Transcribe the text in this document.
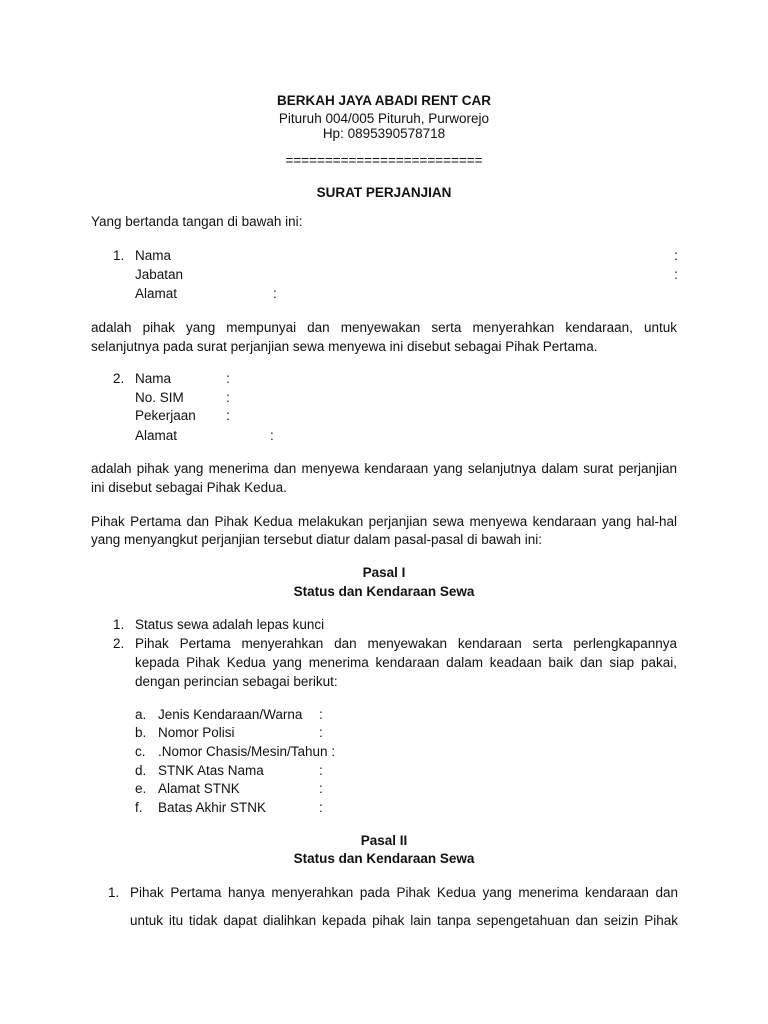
BERKAH JAYA ABADI RENT CAR
Pituruh 004/005 Pituruh, Purworejo
Hp: 0895390578718
=========================
SURAT PERJANJIAN
Yang bertanda tangan di bawah ini:
1. Nama	:
Jabatan	:
Alamat	:
adalah pihak yang mempunyai dan menyewakan serta menyerahkan kendaraan, untuk
selanjutnya pada surat perjanjian sewa menyewa ini disebut sebagai Pihak Pertama.
2. Nama	:
No. SIM	:
Pekerjaan :
Alamat	:
adalah pihak yang menerima dan menyewa kendaraan yang selanjutnya dalam surat perjanjian
ini disebut sebagai Pihak Kedua.
Pihak Pertama dan Pihak Kedua melakukan perjanjian sewa menyewa kendaraan yang hal-hal
yang menyangkut perjanjian tersebut diatur dalam pasal-pasal di bawah ini:
Pasal I
Status dan Kendaraan Sewa
1. Status sewa adalah lepas kunci
2. Pihak Pertama menyerahkan dan menyewakan kendaraan serta perlengkapannya
kepada Pihak Kedua yang menerima kendaraan dalam keadaan baik dan siap pakai,
dengan perincian sebagai berikut:
a. Jenis Kendaraan/Warna :
b. Nomor Polisi	:
c. .Nomor Chasis/Mesin/Tahun :
d. STNK Atas Nama	:
e. Alamat STNK	:
f. Batas Akhir STNK	:
Pasal II
Status dan Kendaraan Sewa
1. Pihak Pertama hanya menyerahkan pada Pihak Kedua yang menerima kendaraan dan
untuk itu tidak dapat dialihkan kepada pihak lain tanpa sepengetahuan dan seizin Pihak
